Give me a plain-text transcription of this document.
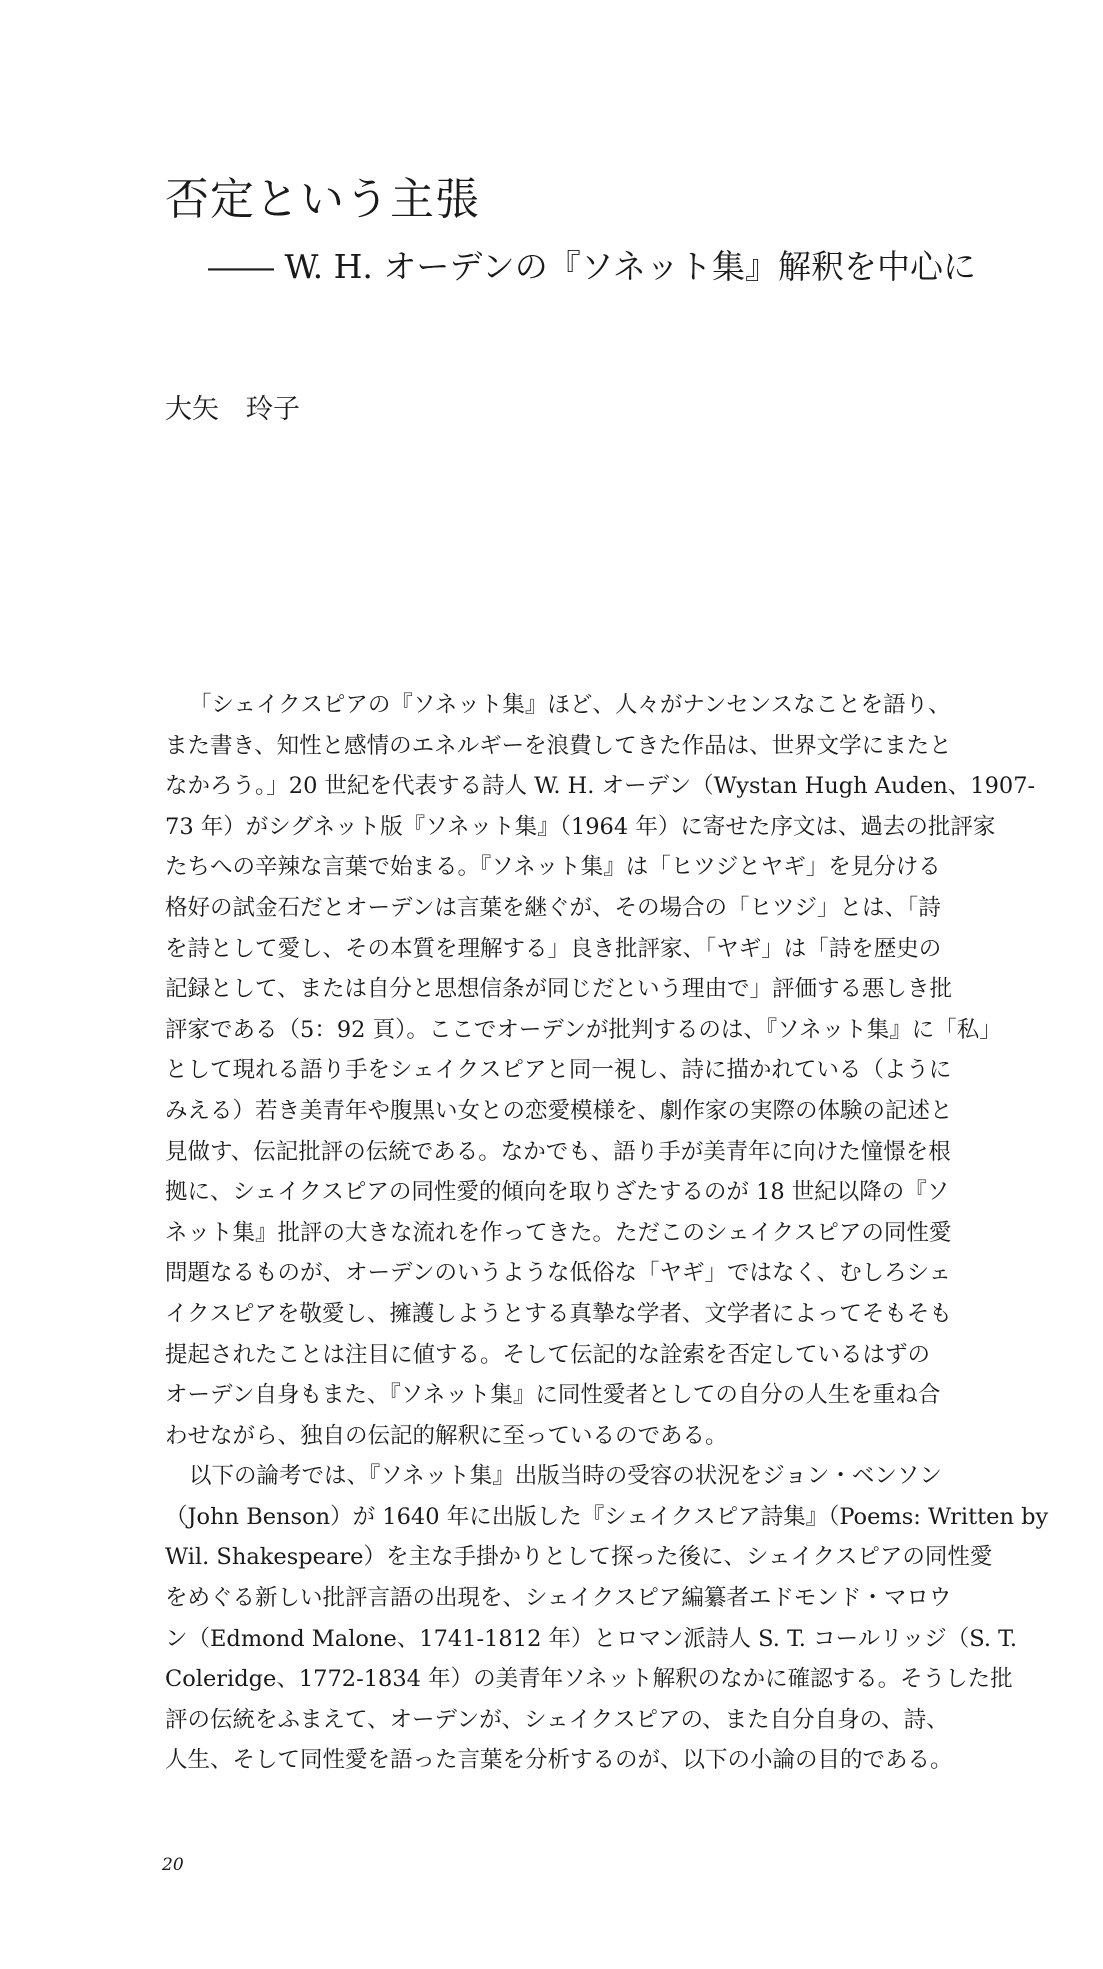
否定という主張
―― W. H. オーデンの『ソネット集』解釈を中心に
大矢　玲子

「シェイクスピアの『ソネット集』ほど、人々がナンセンスなことを語り、
また書き、知性と感情のエネルギーを浪費してきた作品は、世界文学にまたと
なかろう。」20 世紀を代表する詩人 W. H. オーデン（Wystan Hugh Auden、1907-
73 年）がシグネット版『ソネット集』（1964 年）に寄せた序文は、過去の批評家
たちへの辛辣な言葉で始まる。『ソネット集』は「ヒツジとヤギ」を見分ける
格好の試金石だとオーデンは言葉を継ぐが、その場合の「ヒツジ」とは、「詩
を詩として愛し、その本質を理解する」良き批評家、「ヤギ」は「詩を歴史の
記録として、または自分と思想信条が同じだという理由で」評価する悪しき批
評家である（5：92 頁）。ここでオーデンが批判するのは、『ソネット集』に「私」
として現れる語り手をシェイクスピアと同一視し、詩に描かれている（ように
みえる）若き美青年や腹黒い女との恋愛模様を、劇作家の実際の体験の記述と
見做す、伝記批評の伝統である。なかでも、語り手が美青年に向けた憧憬を根
拠に、シェイクスピアの同性愛的傾向を取りざたするのが 18 世紀以降の『ソ
ネット集』批評の大きな流れを作ってきた。ただこのシェイクスピアの同性愛
問題なるものが、オーデンのいうような低俗な「ヤギ」ではなく、むしろシェ
イクスピアを敬愛し、擁護しようとする真摯な学者、文学者によってそもそも
提起されたことは注目に値する。そして伝記的な詮索を否定しているはずの
オーデン自身もまた、『ソネット集』に同性愛者としての自分の人生を重ね合
わせながら、独自の伝記的解釈に至っているのである。

以下の論考では、『ソネット集』出版当時の受容の状況をジョン・ベンソン
（John Benson）が 1640 年に出版した『シェイクスピア詩集』（Poems: Written by
Wil. Shakespeare）を主な手掛かりとして探った後に、シェイクスピアの同性愛
をめぐる新しい批評言語の出現を、シェイクスピア編纂者エドモンド・マロウ
ン（Edmond Malone、1741-1812 年）とロマン派詩人 S. T. コールリッジ（S. T.
Coleridge、1772-1834 年）の美青年ソネット解釈のなかに確認する。そうした批
評の伝統をふまえて、オーデンが、シェイクスピアの、また自分自身の、詩、
人生、そして同性愛を語った言葉を分析するのが、以下の小論の目的である。

20
